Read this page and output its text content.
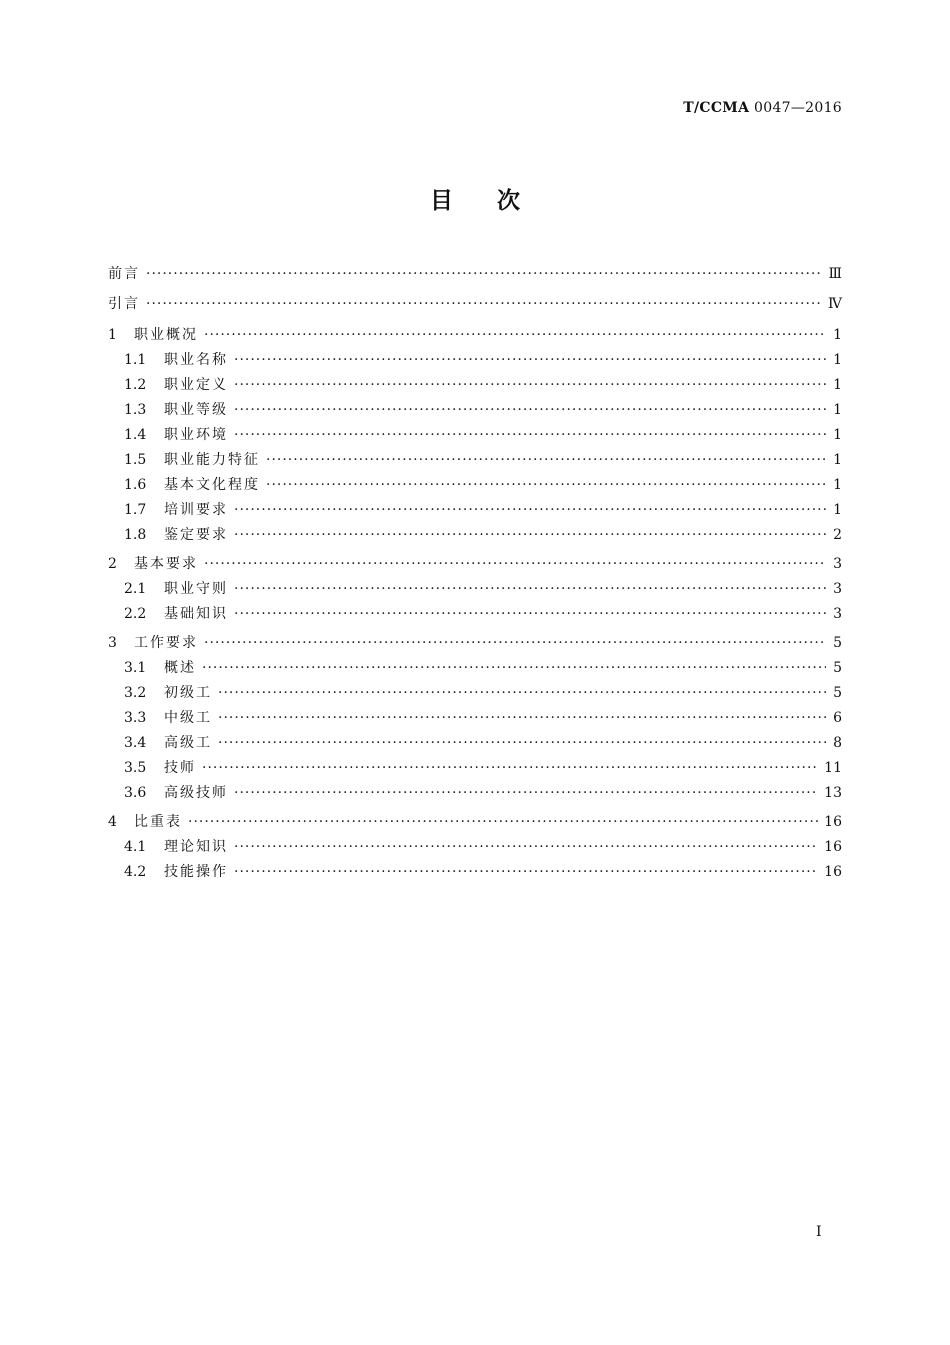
T/CCMA 0047—2016
目 次
前言 ·····	Ⅲ
引言 ·····	Ⅳ
1	职业概况 ·····	1
1.1	职业名称 ·····	1
1.2	职业定义 ·····	1
1.3	职业等级 ·····	1
1.4	职业环境 ·····	1
1.5	职业能力特征 ·····	1
1.6	基本文化程度 ·····	1
1.7	培训要求 ·····	1
1.8	鉴定要求 ·····	2
2	基本要求 ·····	3
2.1	职业守则 ·····	3
2.2	基础知识 ·····	3
3	工作要求 ·····	5
3.1	概述 ·····	5
3.2	初级工 ·····	5
3.3	中级工 ·····	6
3.4	高级工 ·····	8
3.5	技师 ·····	11
3.6	高级技师 ·····	13
4	比重表 ·····	16
4.1	理论知识 ·····	16
4.2	技能操作 ·····	16
I
